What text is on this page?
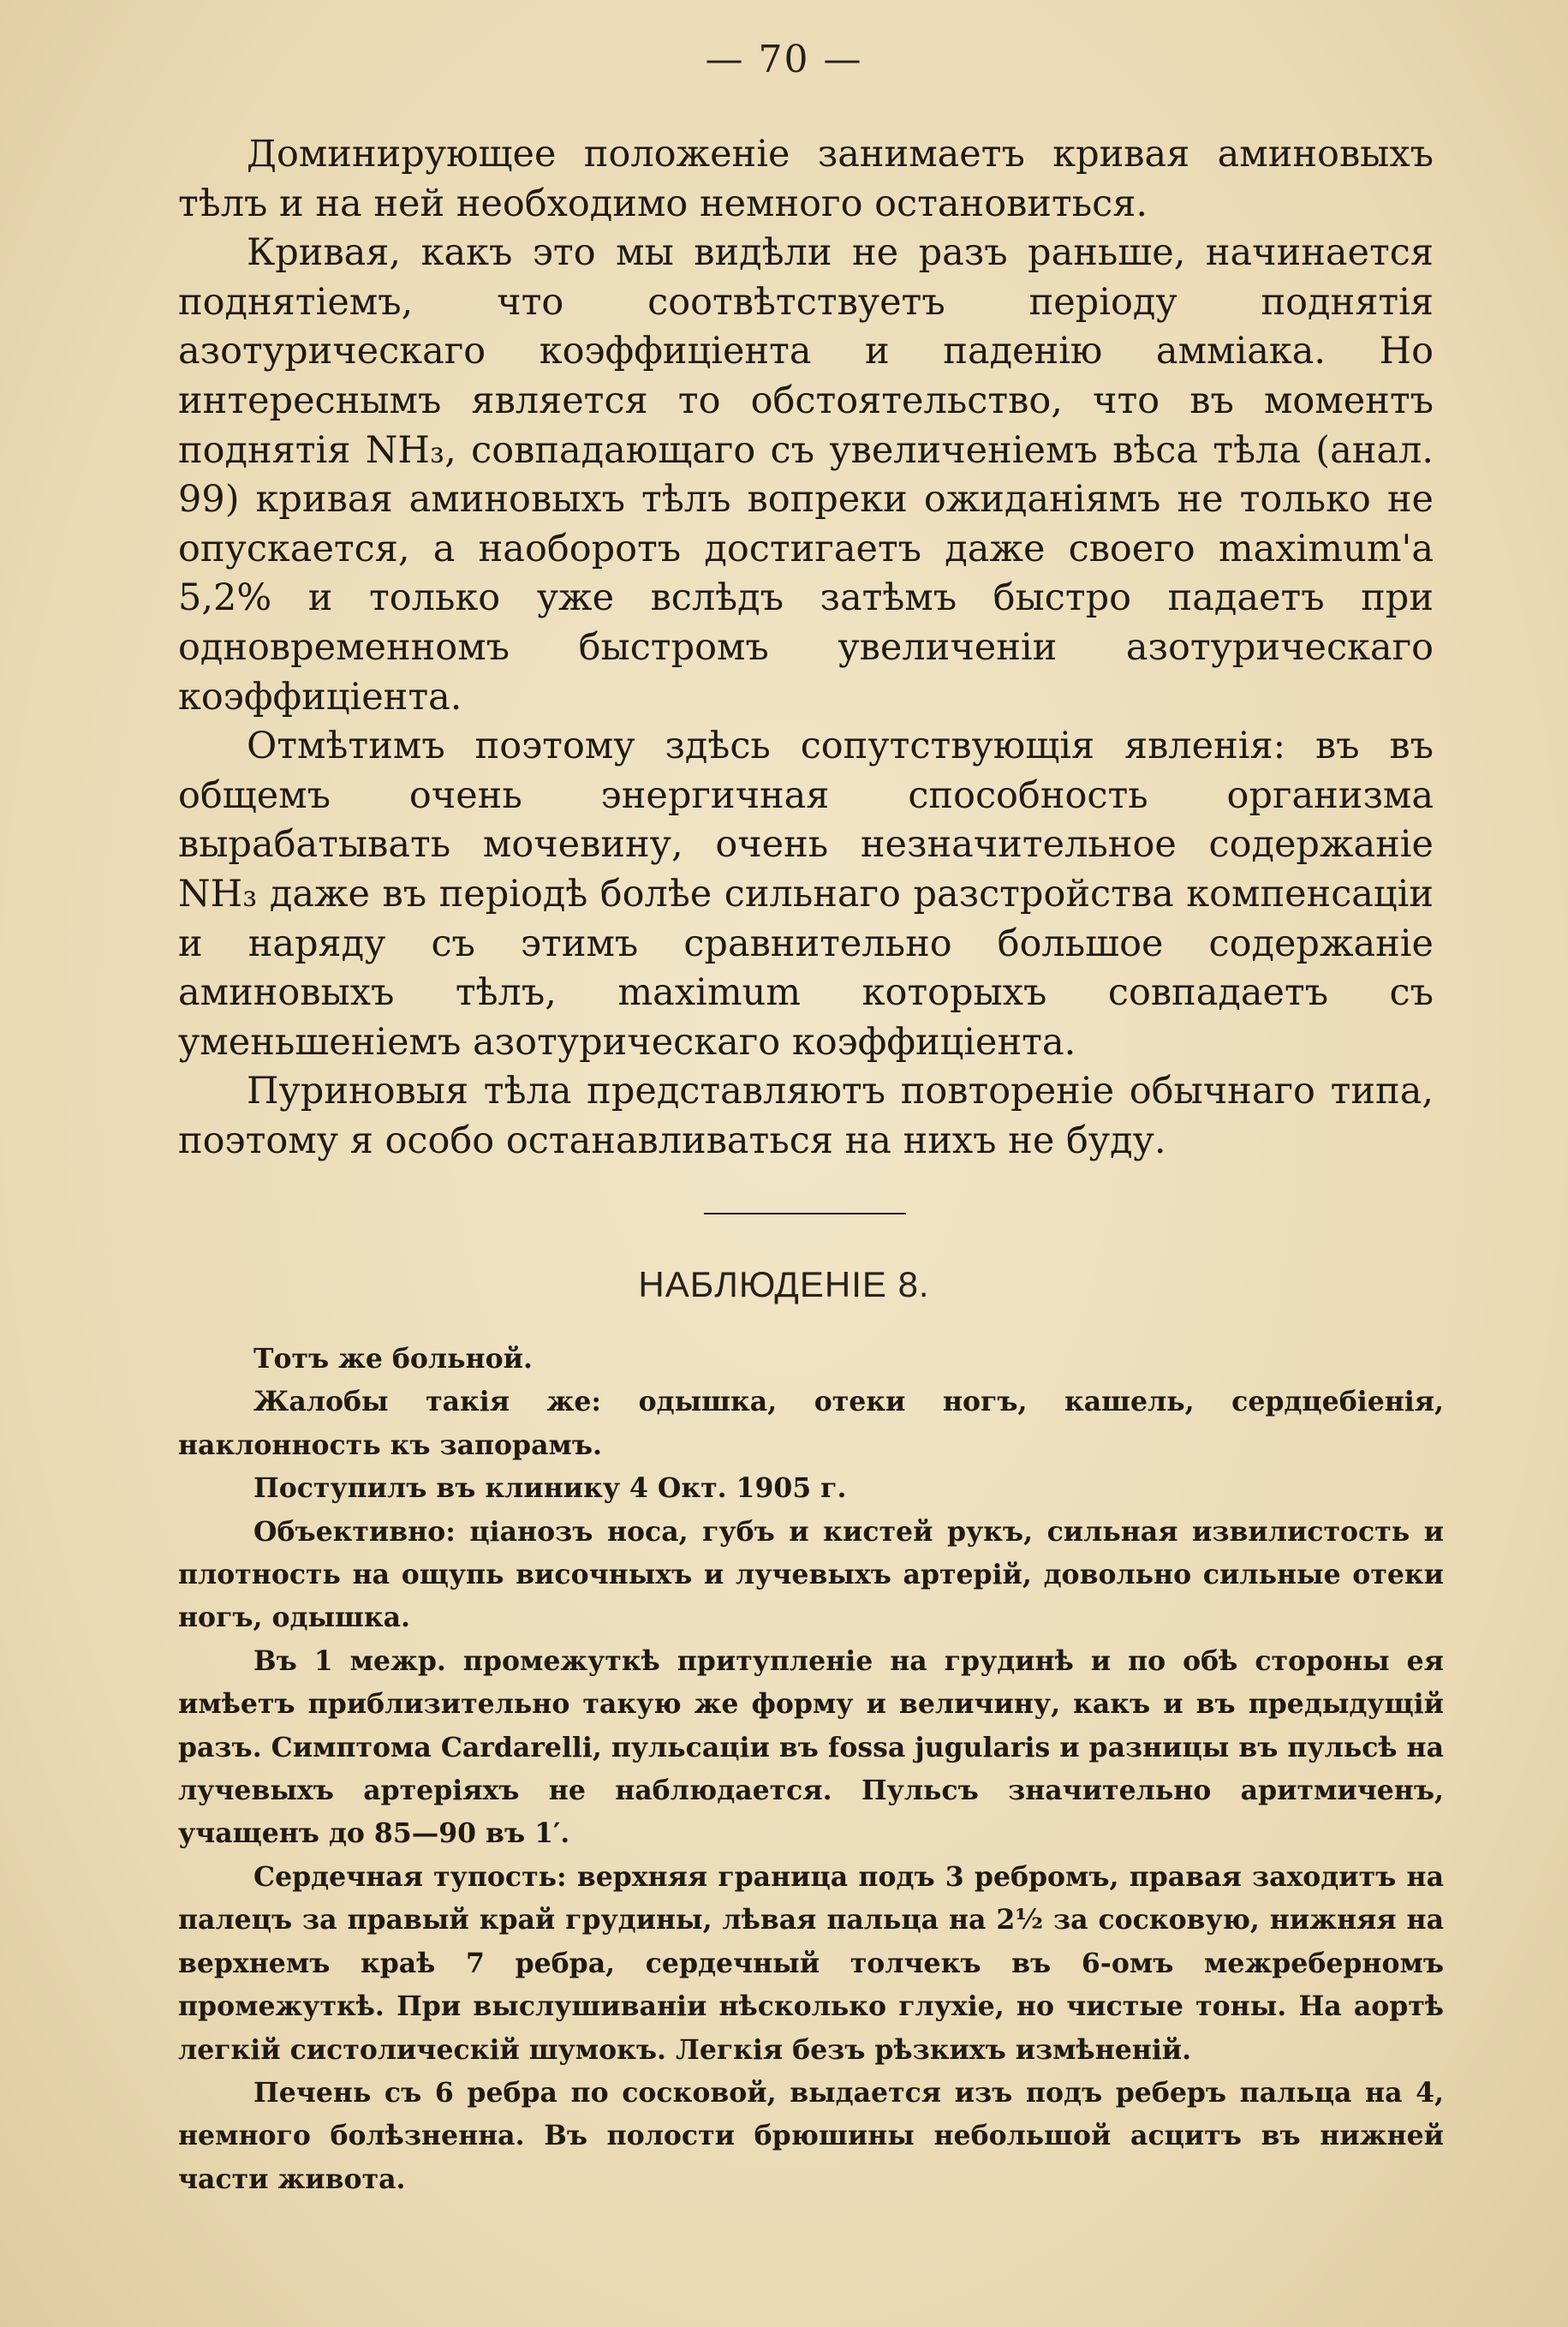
— 70 —

Доминирующее положенiе занимаетъ кривая аминовыхъ тѣлъ и на ней необходимо немного остановиться.

Кривая, какъ это мы видѣли не разъ раньше, начинается поднятiемъ, что соотвѣтствуетъ перiоду поднятiя азотурическаго коэффицiента и паденiю аммiака. Но интереснымъ является то обстоятельство, что въ моментъ поднятiя NH₃, совпадающаго съ увеличенiемъ вѣса тѣла (анал. 99) кривая аминовыхъ тѣлъ вопреки ожиданiямъ не только не опускается, а наоборотъ достигаетъ даже своего maximum'а 5,2% и только уже вслѣдъ затѣмъ быстро падаетъ при одновременномъ быстромъ увеличенiи азотурическаго коэффицiента.

Отмѣтимъ поэтому здѣсь сопутствующiя явленiя: въ въ общемъ очень энергичная способность организма вырабатывать мочевину, очень незначительное содержанiе NH₃ даже въ перiодѣ болѣе сильнаго разстройства компенсацiи и наряду съ этимъ сравнительно большое содержанiе аминовыхъ тѣлъ, maximum которыхъ совпадаетъ съ уменьшенiемъ азотурическаго коэффицiента.

Пуриновыя тѣла представляютъ повторенiе обычнаго типа, поэтому я особо останавливаться на нихъ не буду.

НАБЛЮДЕНIЕ 8.

Тотъ же больной.

Жалобы такiя же: одышка, отеки ногъ, кашель, сердцебiенiя, наклонность къ запорамъ.

Поступилъ въ клинику 4 Окт. 1905 г.

Объективно: цiанозъ носа, губъ и кистей рукъ, сильная извилистость и плотность на ощупь височныхъ и лучевыхъ артерiй, довольно сильные отеки ногъ, одышка.

Въ 1 межр. промежуткѣ притупленiе на грудинѣ и по обѣ стороны ея имѣетъ приблизительно такую же форму и величину, какъ и въ предыдущiй разъ. Симптома Cardarelli, пульсацiи въ fossa jugularis и разницы въ пульсѣ на лучевыхъ артерiяхъ не наблюдается. Пульсъ значительно аритмиченъ, учащенъ до 85—90 въ 1′.

Сердечная тупость: верхняя граница подъ 3 ребромъ, правая заходитъ на палецъ за правый край грудины, лѣвая пальца на 2½ за сосковую, нижняя на верхнемъ краѣ 7 ребра, сердечный толчекъ въ 6-омъ межреберномъ промежуткѣ. При выслушиванiи нѣсколько глухiе, но чистые тоны. На аортѣ легкiй систолическiй шумокъ. Легкiя безъ рѣзкихъ измѣненiй.

Печень съ 6 ребра по сосковой, выдается изъ подъ реберъ пальца на 4, немного болѣзненна. Въ полости брюшины небольшой асцитъ въ нижней части живота.
